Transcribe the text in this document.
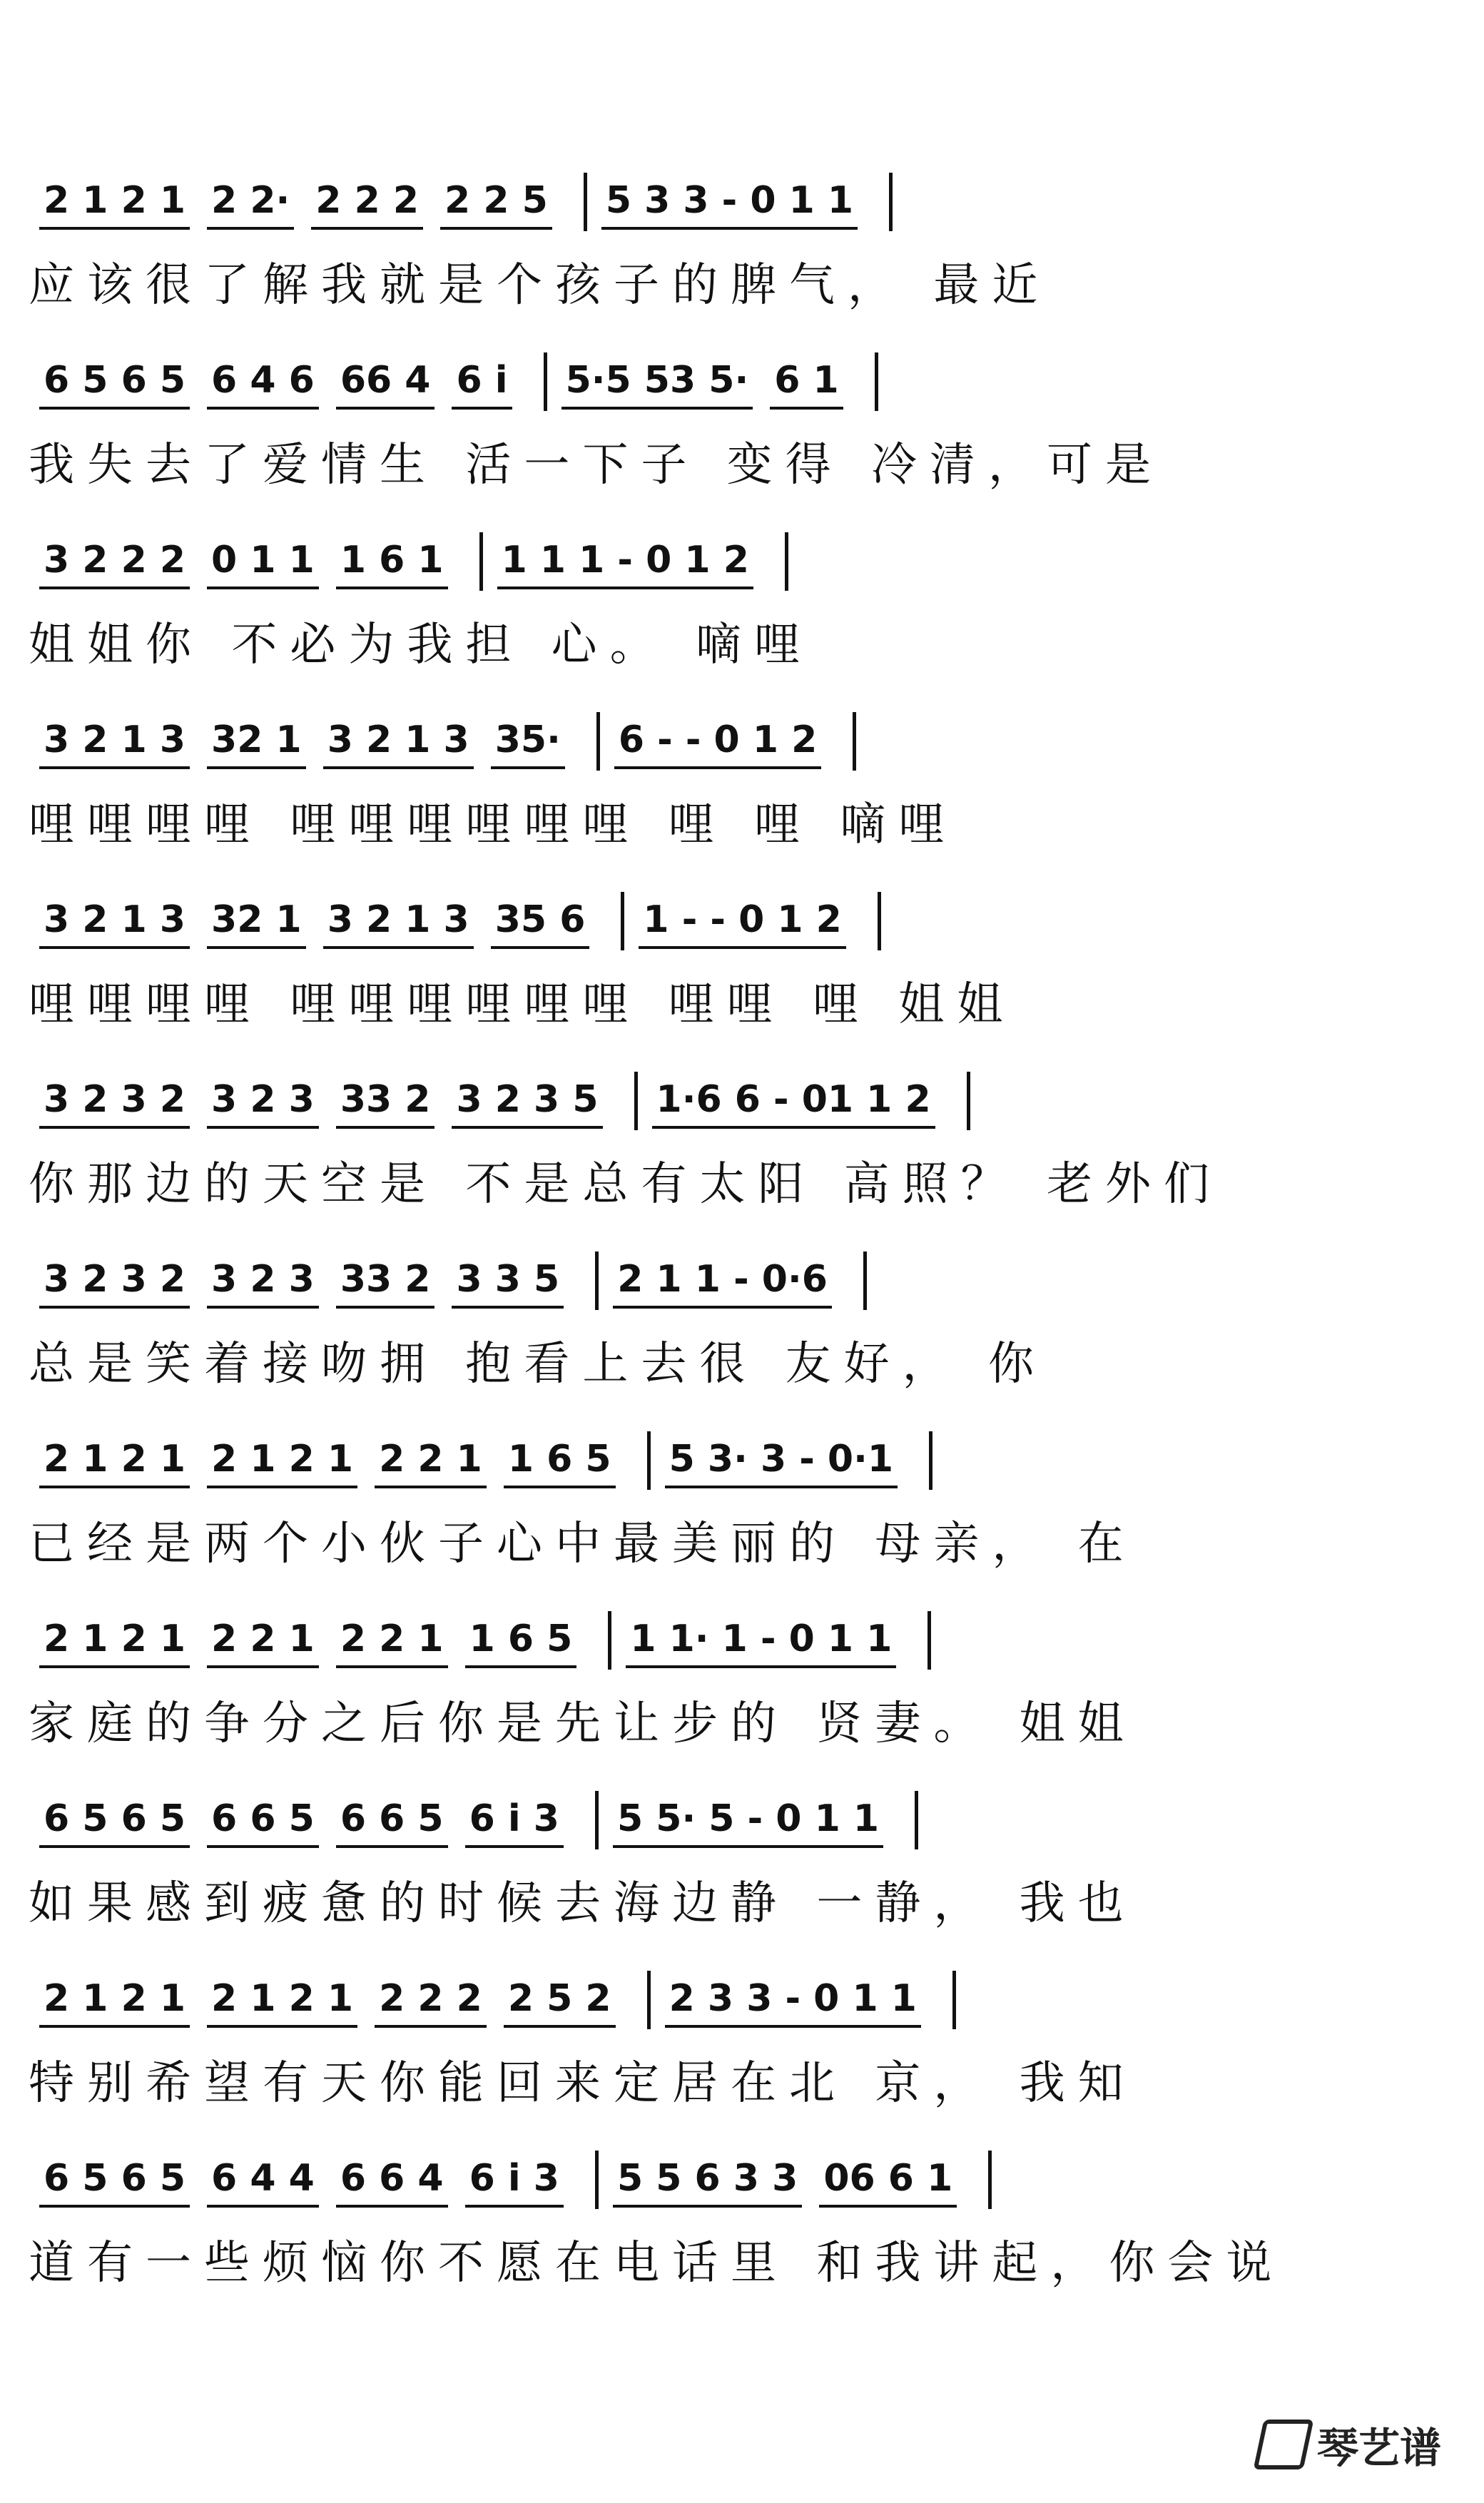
2 1 2 1 2 2· 2 2 2 2 2 5 5 3 3 - 0 1 1
应该很了解我就是个孩子的脾气， 最近
6 5 6 5 6 4 6 66 4 6 i 5·5 53 5· 6 1
我失去了爱情生 活一下子 变得 冷清，可是
3 2 2 2 0 1 1 1 6 1 1 1 1 - 0 1 2
姐姐你 不必为我担 心。 嘀哩
3 2 1 3 32 1 3 2 1 3 35· 6 - - 0 1 2
哩哩哩哩 哩哩哩哩哩哩 哩 哩 嘀哩
3 2 1 3 32 1 3 2 1 3 35 6 1 - - 0 1 2
哩哩哩哩 哩哩哩哩哩哩 哩哩 哩 姐姐
3 2 3 2 3 2 3 33 2 3 2 3 5 1·6 6 - 01 1 2
你那边的天空是 不是总有太阳 高照？ 老外们
3 2 3 2 3 2 3 33 2 3 3 5 2 1 1 - 0·6
总是笑着接吻拥 抱看上去很 友好， 你
2 1 2 1 2 1 2 1 2 2 1 1 6 5 5 3· 3 - 0·1
已经是两个小伙子心中最美丽的 母亲， 在
2 1 2 1 2 2 1 2 2 1 1 6 5 1 1· 1 - 0 1 1
家庭的争分之后你是先让步的 贤妻。 姐姐
6 5 6 5 6 6 5 6 6 5 6 i 3 5 5· 5 - 0 1 1
如果感到疲惫的时候去海边静 一静， 我也
2 1 2 1 2 1 2 1 2 2 2 2 5 2 2 3 3 - 0 1 1
特别希望有天你能回来定居在北 京， 我知
6 5 6 5 6 4 4 6 6 4 6 i 3 5 5 6 3 3 06 6 1
道有一些烦恼你不愿在电话里 和我讲起，你会说
琴艺谱
